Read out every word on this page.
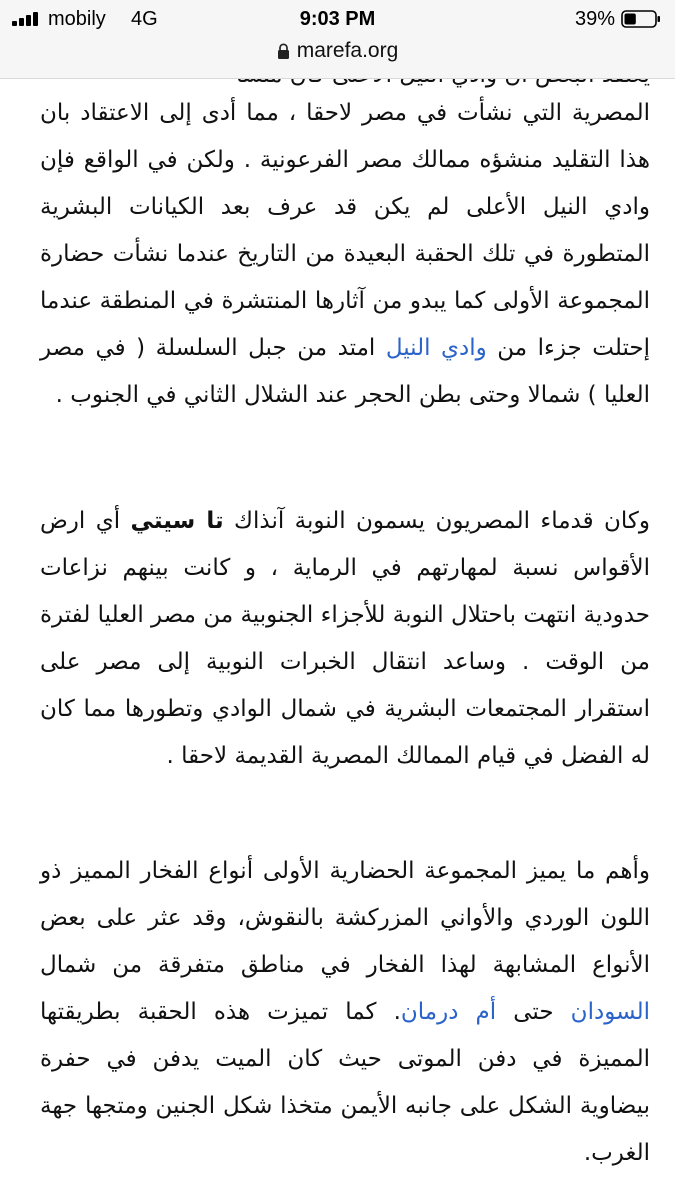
المصرية التي نشأت في مصر لاحقا ، مما أدى إلى الاعتقاد بان هذا التقليد منشؤه ممالك مصر الفرعونية . ولكن في الواقع فإن وادي النيل الأعلى لم يكن قد عرف بعد الكيانات البشرية المتطورة في تلك الحقبة البعيدة من التاريخ عندما نشأت حضارة المجموعة الأولى كما يبدو من آثارها المنتشرة في المنطقة عندما إحتلت جزءا من وادي النيل امتد من جبل السلسلة ( في مصر العليا ) شمالا وحتى بطن الحجر عند الشلال الثاني في الجنوب .

وكان قدماء المصريون يسمون النوبة آنذاك تا سيتي أي ارض الأقواس نسبة لمهارتهم في الرماية ، و كانت بينهم نزاعات حدودية انتهت باحتلال النوبة للأجزاء الجنوبية من مصر العليا لفترة من الوقت . وساعد انتقال الخبرات النوبية إلى مصر على استقرار المجتمعات البشرية في شمال الوادي وتطورها مما كان له الفضل في قيام الممالك المصرية القديمة لاحقا .

وأهم ما يميز المجموعة الحضارية الأولى أنواع الفخار المميز ذو اللون الوردي والأواني المزركشة بالنقوش، وقد عثر على بعض الأنواع المشابهة لهذا الفخار في مناطق متفرقة من شمال السودان حتى أم درمان. كما تميزت هذه الحقبة بطريقتها المميزة في دفن الموتى حيث كان الميت يدفن في حفرة بيضاوية الشكل على جانبه الأيمن متخذا شكل الجنين ومتجها جهة الغرب.

mobily 4G	9:03 PM	39%
marefa.org
